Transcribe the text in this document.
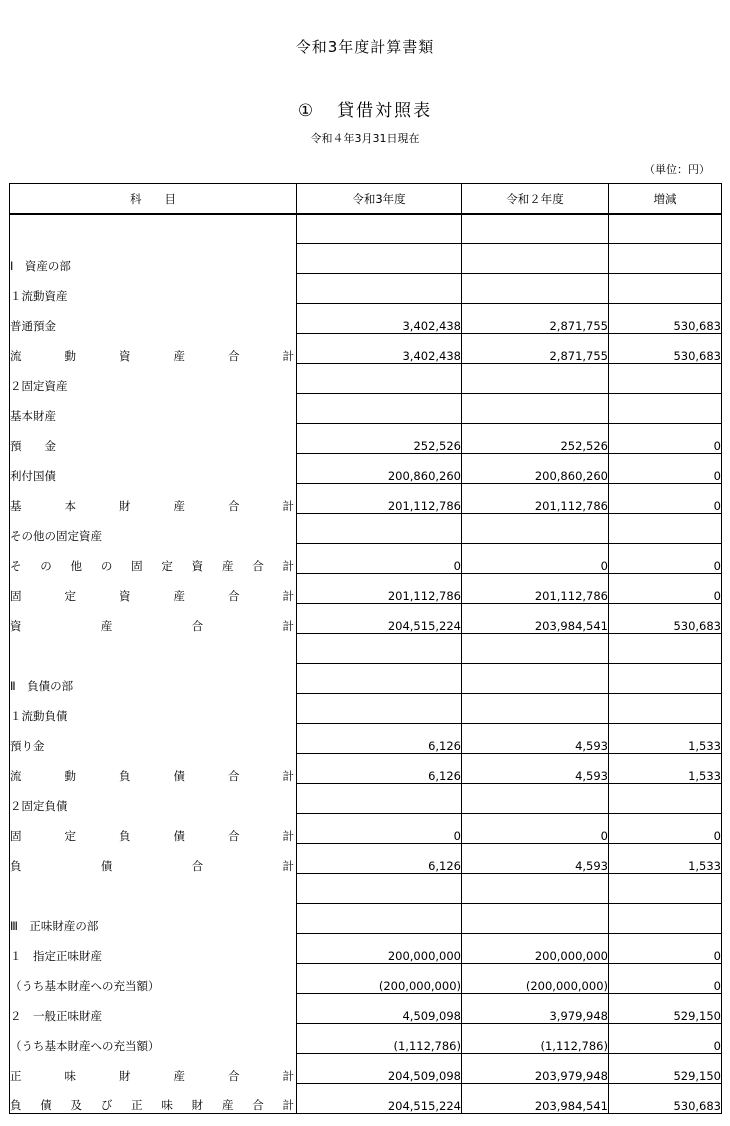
令和3年度計算書類
① 貸借対照表
令和４年3月31日現在
（単位：円）
科　　目	令和3年度	令和２年度	増減

Ⅰ　資産の部			
１流動資産			
普通預金	3,402,438	2,871,755	530,683

流動資産合計	3,402,438	2,871,755	530,683
２固定資産			
基本財産			
預　　金	252,526	252,526	0
利付国債	200,860,260	200,860,260	0

基本財産合計	201,112,786	201,112,786	0
その他の固定資産			

その他の固定資産合計	0	0	0

固定資産合計	201,112,786	201,112,786	0

資産合計	204,515,224	203,984,541	530,683

Ⅱ　負債の部			
１流動負債			
預り金	6,126	4,593	1,533

流動負債合計	6,126	4,593	1,533
２固定負債			

固定負債合計	0	0	0

負債合計	6,126	4,593	1,533

Ⅲ　正味財産の部			
１　指定正味財産	200,000,000	200,000,000	0
（うち基本財産への充当額）	(200,000,000)	(200,000,000)	0
２　一般正味財産	4,509,098	3,979,948	529,150
（うち基本財産への充当額）	(1,112,786)	(1,112,786)	0

正味財産合計	204,509,098	203,979,948	529,150

負債及び正味財産合計	204,515,224	203,984,541	530,683
